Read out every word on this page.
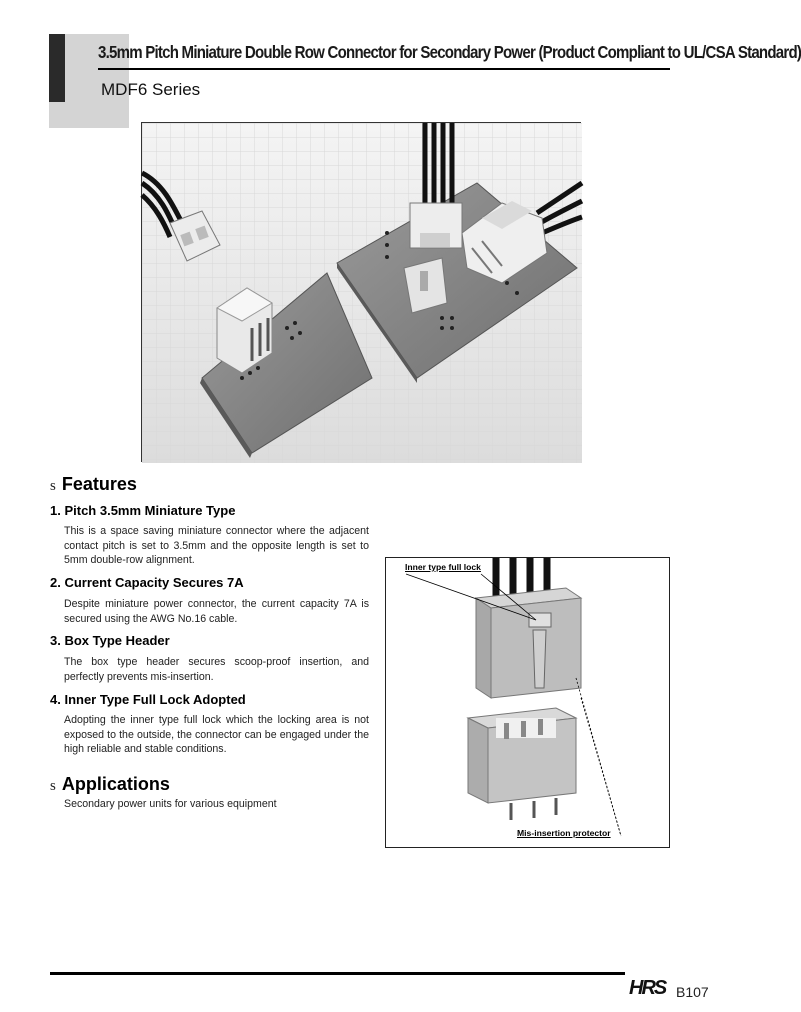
3.5mm Pitch Miniature Double Row Connector for Secondary Power (Product Compliant to UL/CSA Standard)
MDF6 Series
s Features
1. Pitch 3.5mm Miniature Type
This is a space saving miniature connector where the adjacent contact pitch is set to 3.5mm and the opposite length is set to 5mm double-row alignment.
2. Current Capacity Secures 7A
Despite miniature power connector, the current capacity 7A is secured using the AWG No.16 cable.
3. Box Type Header
The box type header secures scoop-proof insertion, and perfectly prevents mis-insertion.
4. Inner Type Full Lock Adopted
Adopting the inner type full lock which the locking area is not exposed to the outside, the connector can be engaged under the high reliable and stable conditions.
s Applications
Secondary power units for various equipment
Inner type full lock
Mis-insertion protector
HRS B107
